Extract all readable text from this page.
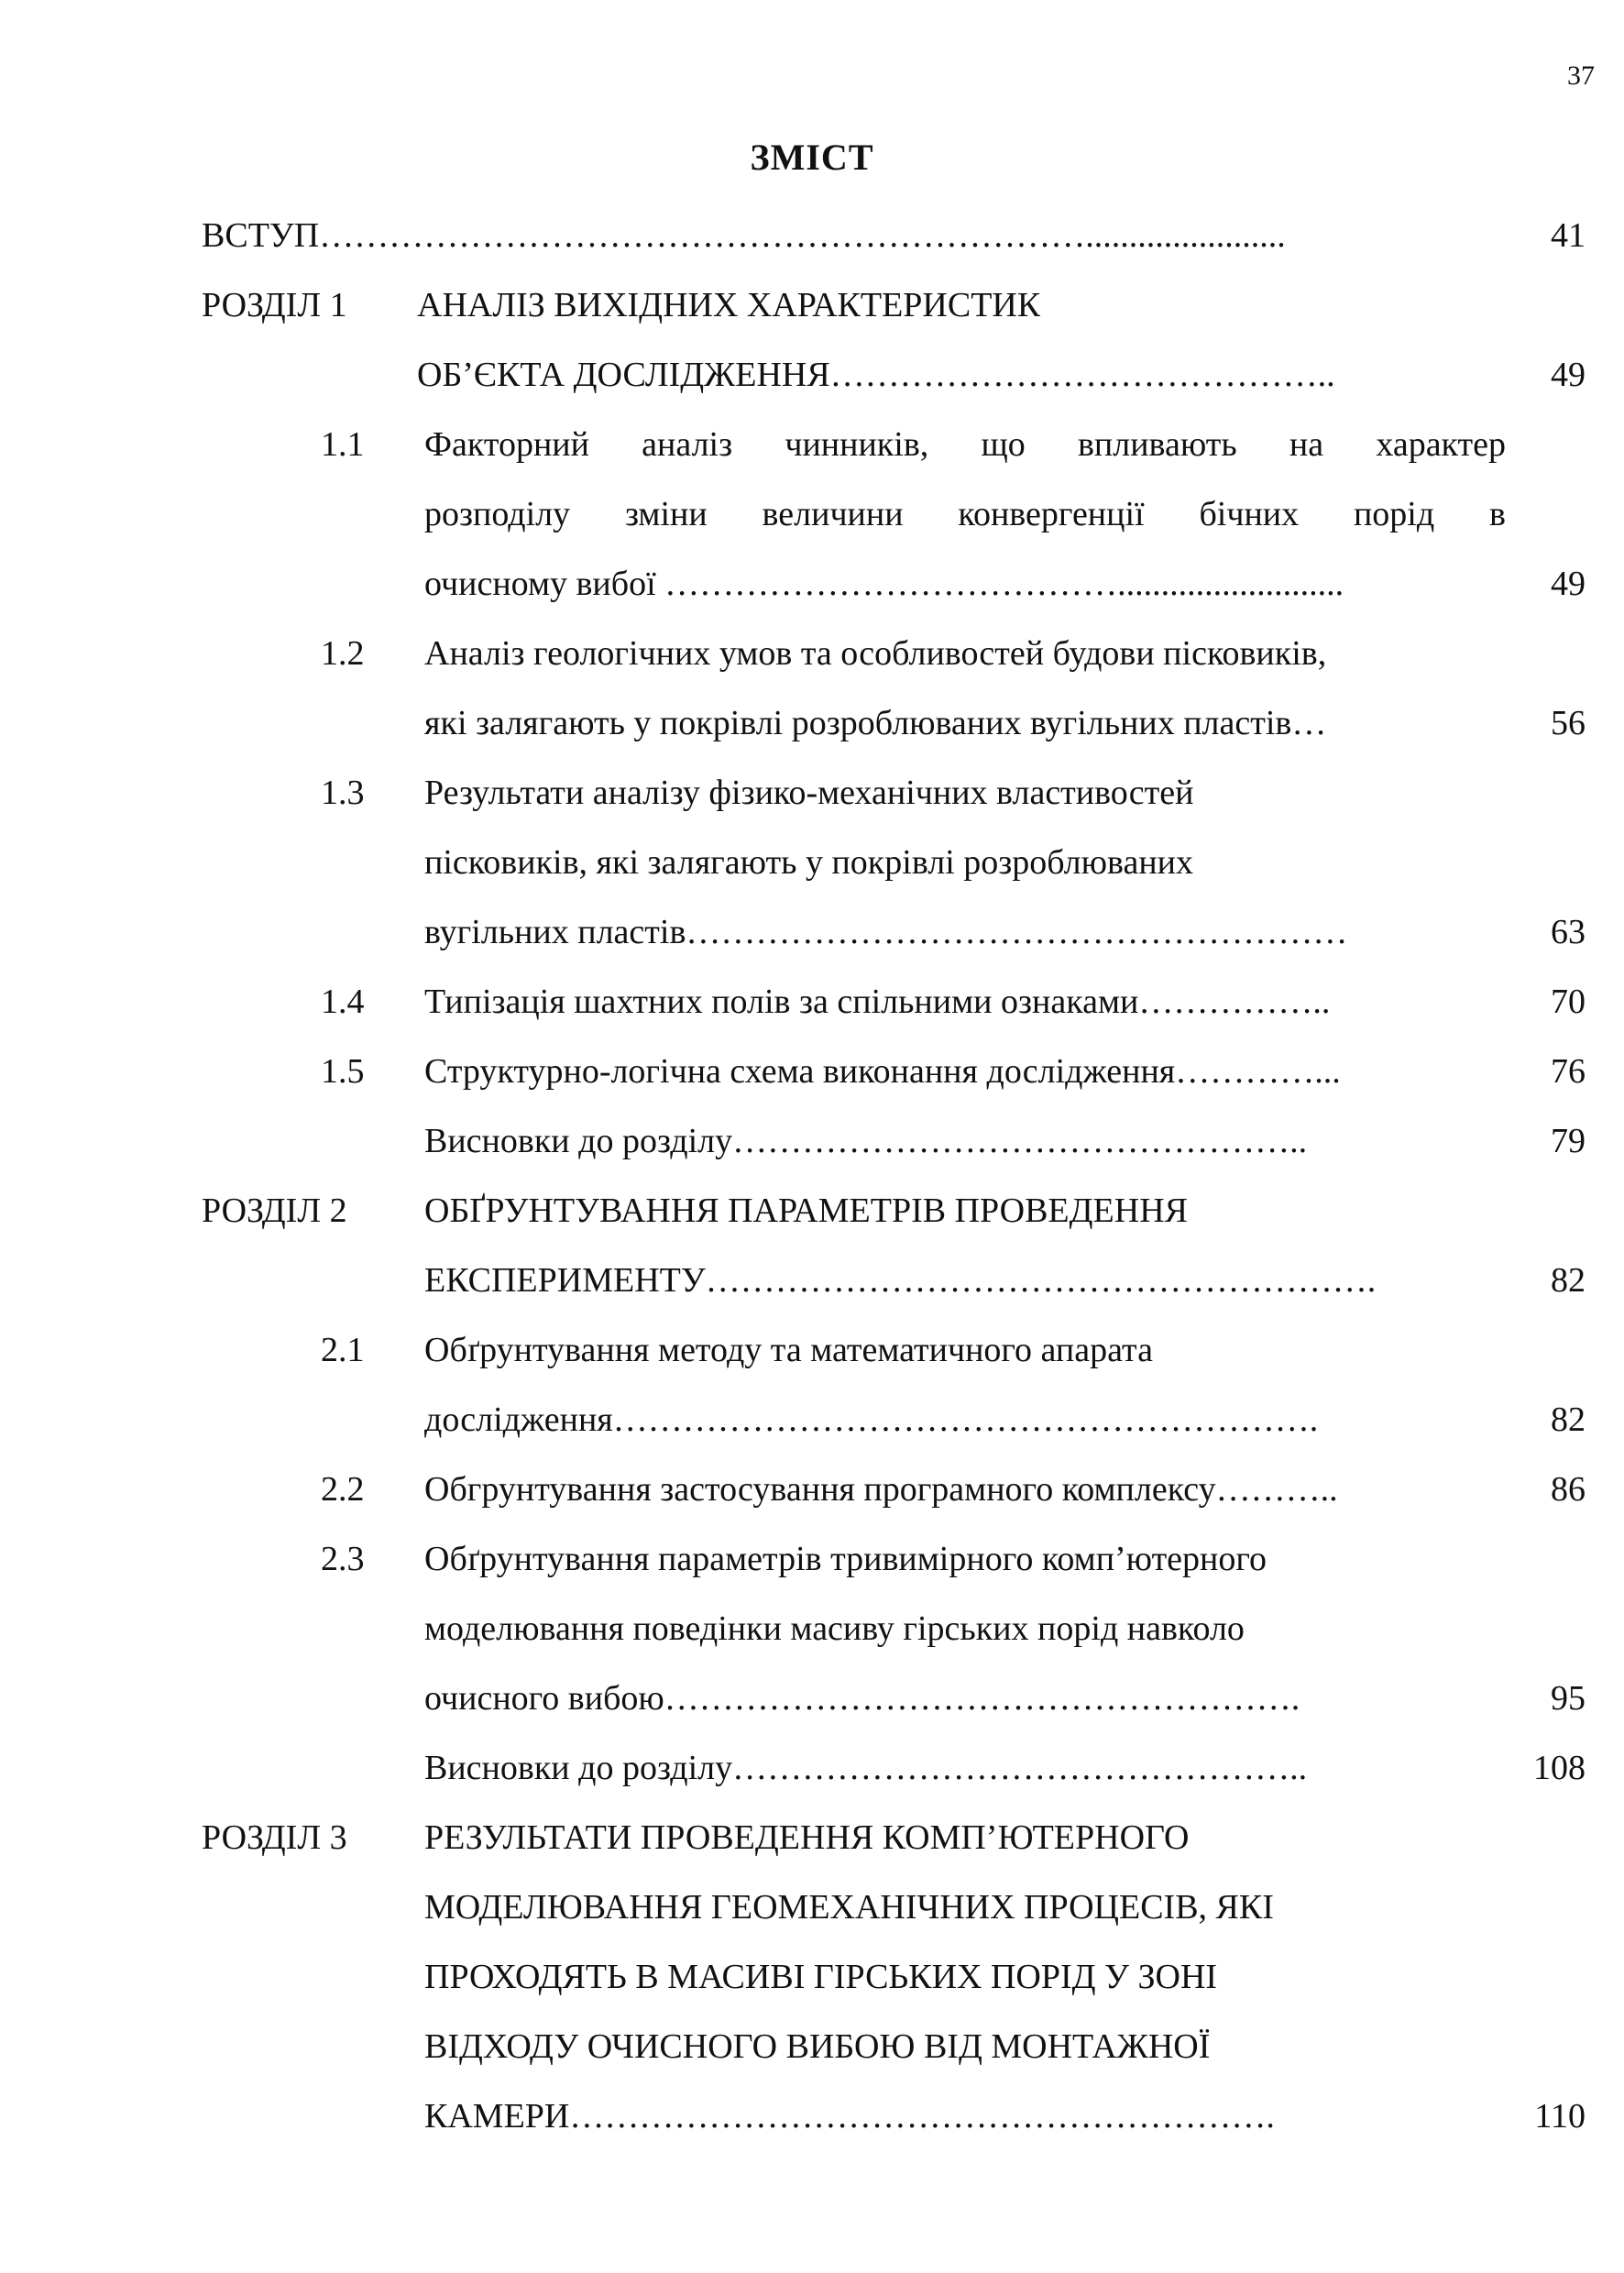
37
ЗМІСТ
ВСТУП………………………………………………………….......................	41
РОЗДІЛ 1 АНАЛІЗ ВИХІДНИХ ХАРАКТЕРИСТИК
ОБ’ЄКТА ДОСЛІДЖЕННЯ……………………………………..	49
1.1 Факторний аналіз чинників, що впливають на характер
розподілу зміни величини конвергенції бічних порід в
очисному вибої …………………………………..........................	49
1.2 Аналіз геологічних умов та особливостей будови пісковиків,
які залягають у покрівлі розроблюваних вугільних пластів…	56
1.3 Результати аналізу фізико-механічних властивостей
пісковиків, які залягають у покрівлі розроблюваних
вугільних пластів…………………………………………………	63
1.4 Типізація шахтних полів за спільними ознаками……………..	70
1.5 Структурно-логічна схема виконання дослідження…………...	76
Висновки до розділу…………………………………………..	79
РОЗДІЛ 2 ОБҐРУНТУВАННЯ ПАРАМЕТРІВ ПРОВЕДЕННЯ
ЕКСПЕРИМЕНТУ………………………………………………….	82
2.1 Обґрунтування методу та математичного апарата
дослідження…………………………………………………….	82
2.2 Обгрунтування застосування програмного комплексу………..	86
2.3 Обґрунтування параметрів тривимірного комп’ютерного
моделювання поведінки масиву гірських порід навколо
очисного вибою……………………………………………….	95
Висновки до розділу…………………………………………..	108
РОЗДІЛ 3 РЕЗУЛЬТАТИ ПРОВЕДЕННЯ КОМП’ЮТЕРНОГО
МОДЕЛЮВАННЯ ГЕОМЕХАНІЧНИХ ПРОЦЕСІВ, ЯКІ
ПРОХОДЯТЬ В МАСИВІ ГІРСЬКИХ ПОРІД У ЗОНІ
ВІДХОДУ ОЧИСНОГО ВИБОЮ ВІД МОНТАЖНОЇ
КАМЕРИ…………………………………………………….	110
